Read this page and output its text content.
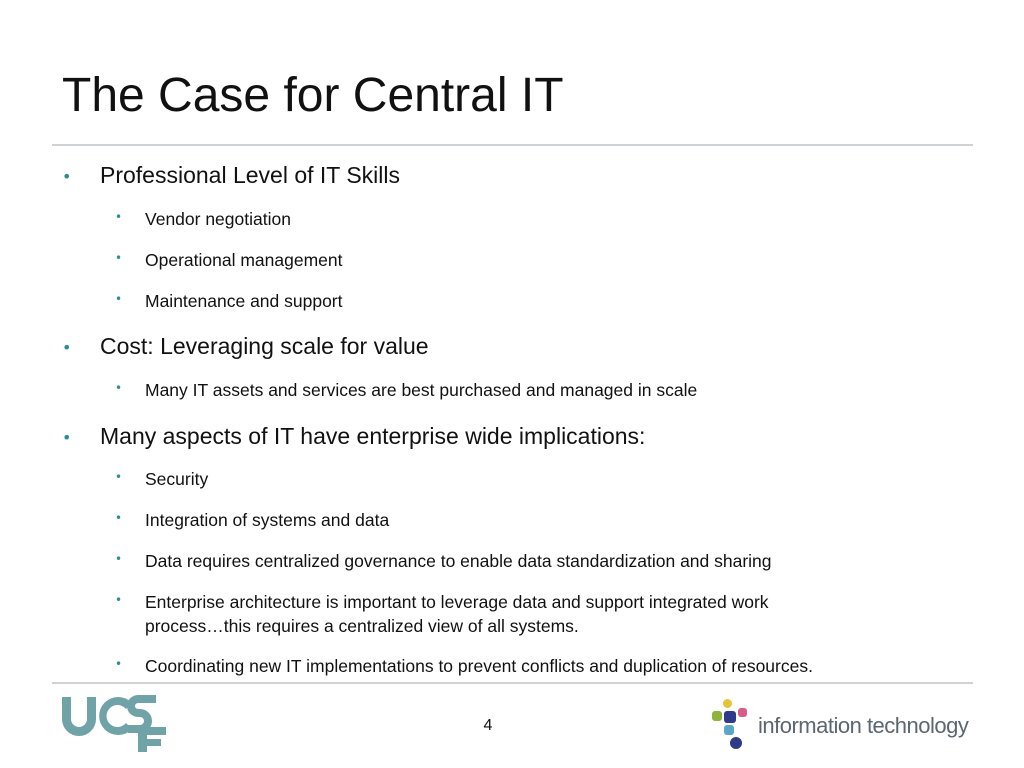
The Case for Central IT
• Professional Level of IT Skills
• Vendor negotiation
• Operational management
• Maintenance and support
• Cost: Leveraging scale for value
• Many IT assets and services are best purchased and managed in scale
• Many aspects of IT have enterprise wide implications:
• Security
• Integration of systems and data
• Data requires centralized governance to enable data standardization and sharing
• Enterprise architecture is important to leverage data and support integrated work
process…this requires a centralized view of all systems.
• Coordinating new IT implementations to prevent conflicts and duplication of resources.
4	information technology
